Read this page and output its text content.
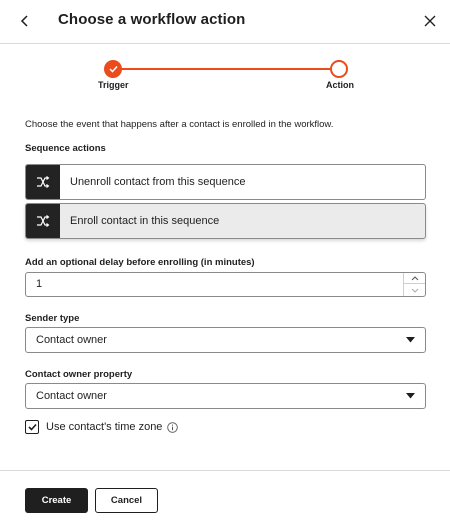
Choose a workflow action
Trigger	Action
Choose the event that happens after a contact is enrolled in the workflow.
Sequence actions
Unenroll contact from this sequence
Enroll contact in this sequence
Add an optional delay before enrolling (in minutes)
1
Sender type
Contact owner
Contact owner property
Contact owner
Use contact's time zone
Create	Cancel
